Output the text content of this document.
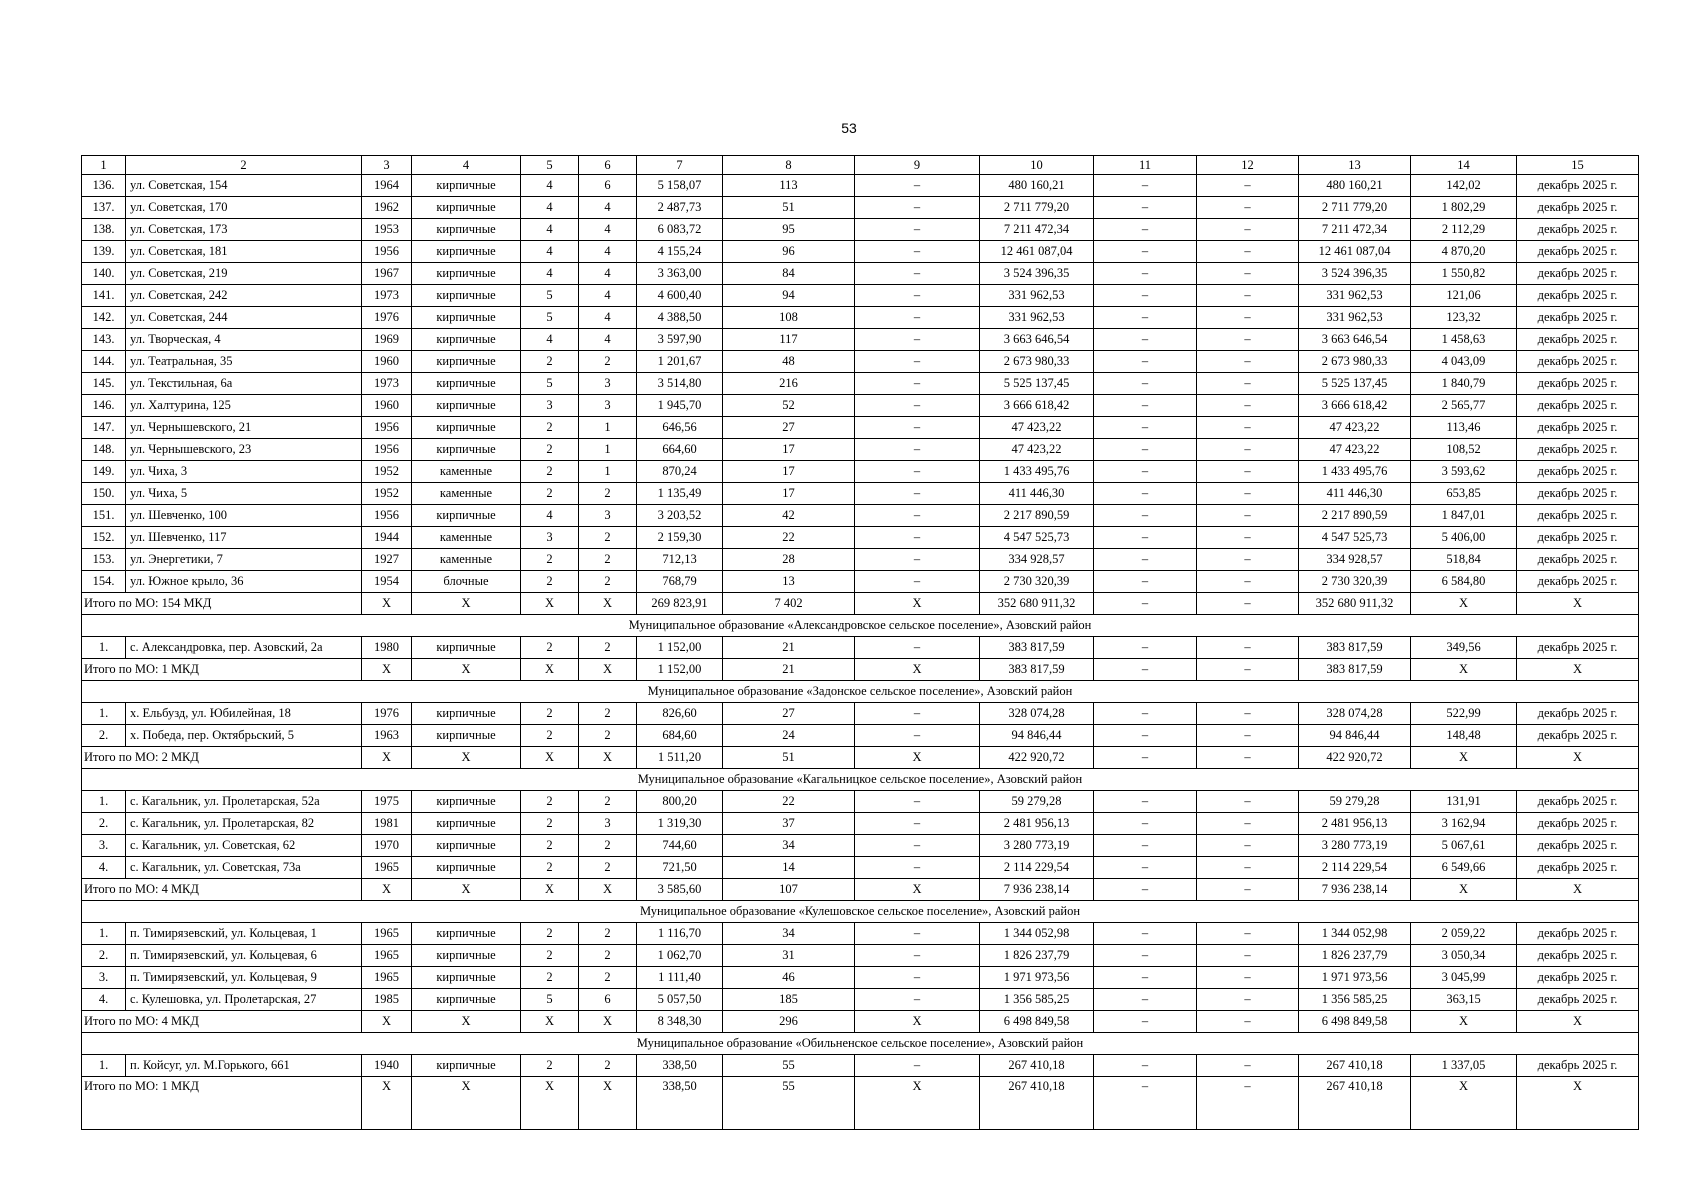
53
1	2	3	4	5	6	7	8	9	10	11	12	13	14	15
136.	ул. Советская, 154	1964	кирпичные	4	6	5 158,07	113	–	480 160,21	–	–	480 160,21	142,02	декабрь 2025 г.
137.	ул. Советская, 170	1962	кирпичные	4	4	2 487,73	51	–	2 711 779,20	–	–	2 711 779,20	1 802,29	декабрь 2025 г.
138.	ул. Советская, 173	1953	кирпичные	4	4	6 083,72	95	–	7 211 472,34	–	–	7 211 472,34	2 112,29	декабрь 2025 г.
139.	ул. Советская, 181	1956	кирпичные	4	4	4 155,24	96	–	12 461 087,04	–	–	12 461 087,04	4 870,20	декабрь 2025 г.
140.	ул. Советская, 219	1967	кирпичные	4	4	3 363,00	84	–	3 524 396,35	–	–	3 524 396,35	1 550,82	декабрь 2025 г.
141.	ул. Советская, 242	1973	кирпичные	5	4	4 600,40	94	–	331 962,53	–	–	331 962,53	121,06	декабрь 2025 г.
142.	ул. Советская, 244	1976	кирпичные	5	4	4 388,50	108	–	331 962,53	–	–	331 962,53	123,32	декабрь 2025 г.
143.	ул. Творческая, 4	1969	кирпичные	4	4	3 597,90	117	–	3 663 646,54	–	–	3 663 646,54	1 458,63	декабрь 2025 г.
144.	ул. Театральная, 35	1960	кирпичные	2	2	1 201,67	48	–	2 673 980,33	–	–	2 673 980,33	4 043,09	декабрь 2025 г.
145.	ул. Текстильная, 6а	1973	кирпичные	5	3	3 514,80	216	–	5 525 137,45	–	–	5 525 137,45	1 840,79	декабрь 2025 г.
146.	ул. Халтурина, 125	1960	кирпичные	3	3	1 945,70	52	–	3 666 618,42	–	–	3 666 618,42	2 565,77	декабрь 2025 г.
147.	ул. Чернышевского, 21	1956	кирпичные	2	1	646,56	27	–	47 423,22	–	–	47 423,22	113,46	декабрь 2025 г.
148.	ул. Чернышевского, 23	1956	кирпичные	2	1	664,60	17	–	47 423,22	–	–	47 423,22	108,52	декабрь 2025 г.
149.	ул. Чиха, 3	1952	каменные	2	1	870,24	17	–	1 433 495,76	–	–	1 433 495,76	3 593,62	декабрь 2025 г.
150.	ул. Чиха, 5	1952	каменные	2	2	1 135,49	17	–	411 446,30	–	–	411 446,30	653,85	декабрь 2025 г.
151.	ул. Шевченко, 100	1956	кирпичные	4	3	3 203,52	42	–	2 217 890,59	–	–	2 217 890,59	1 847,01	декабрь 2025 г.
152.	ул. Шевченко, 117	1944	каменные	3	2	2 159,30	22	–	4 547 525,73	–	–	4 547 525,73	5 406,00	декабрь 2025 г.
153.	ул. Энергетики, 7	1927	каменные	2	2	712,13	28	–	334 928,57	–	–	334 928,57	518,84	декабрь 2025 г.
154.	ул. Южное крыло, 36	1954	блочные	2	2	768,79	13	–	2 730 320,39	–	–	2 730 320,39	6 584,80	декабрь 2025 г.
Итого по МО: 154 МКД		X	X	X	X	269 823,91	7 402	X	352 680 911,32	–	–	352 680 911,32	X	X
Муниципальное образование «Александровское сельское поселение», Азовский район														
1.	с. Александровка, пер. Азовский, 2а	1980	кирпичные	2	2	1 152,00	21	–	383 817,59	–	–	383 817,59	349,56	декабрь 2025 г.
Итого по МО: 1 МКД		X	X	X	X	1 152,00	21	X	383 817,59	–	–	383 817,59	X	X
Муниципальное образование «Задонское сельское поселение», Азовский район														
1.	х. Ельбузд, ул. Юбилейная, 18	1976	кирпичные	2	2	826,60	27	–	328 074,28	–	–	328 074,28	522,99	декабрь 2025 г.
2.	х. Победа, пер. Октябрьский, 5	1963	кирпичные	2	2	684,60	24	–	94 846,44	–	–	94 846,44	148,48	декабрь 2025 г.
Итого по МО: 2 МКД		X	X	X	X	1 511,20	51	X	422 920,72	–	–	422 920,72	X	X
Муниципальное образование «Кагальницкое сельское поселение», Азовский район														
1.	с. Кагальник, ул. Пролетарская, 52а	1975	кирпичные	2	2	800,20	22	–	59 279,28	–	–	59 279,28	131,91	декабрь 2025 г.
2.	с. Кагальник, ул. Пролетарская, 82	1981	кирпичные	2	3	1 319,30	37	–	2 481 956,13	–	–	2 481 956,13	3 162,94	декабрь 2025 г.
3.	с. Кагальник, ул. Советская, 62	1970	кирпичные	2	2	744,60	34	–	3 280 773,19	–	–	3 280 773,19	5 067,61	декабрь 2025 г.
4.	с. Кагальник, ул. Советская, 73а	1965	кирпичные	2	2	721,50	14	–	2 114 229,54	–	–	2 114 229,54	6 549,66	декабрь 2025 г.
Итого по МО: 4 МКД		X	X	X	X	3 585,60	107	X	7 936 238,14	–	–	7 936 238,14	X	X
Муниципальное образование «Кулешовское сельское поселение», Азовский район														
1.	п. Тимирязевский, ул. Кольцевая, 1	1965	кирпичные	2	2	1 116,70	34	–	1 344 052,98	–	–	1 344 052,98	2 059,22	декабрь 2025 г.
2.	п. Тимирязевский, ул. Кольцевая, 6	1965	кирпичные	2	2	1 062,70	31	–	1 826 237,79	–	–	1 826 237,79	3 050,34	декабрь 2025 г.
3.	п. Тимирязевский, ул. Кольцевая, 9	1965	кирпичные	2	2	1 111,40	46	–	1 971 973,56	–	–	1 971 973,56	3 045,99	декабрь 2025 г.
4.	с. Кулешовка, ул. Пролетарская, 27	1985	кирпичные	5	6	5 057,50	185	–	1 356 585,25	–	–	1 356 585,25	363,15	декабрь 2025 г.
Итого по МО: 4 МКД		X	X	X	X	8 348,30	296	X	6 498 849,58	–	–	6 498 849,58	X	X
Муниципальное образование «Обильненское сельское поселение», Азовский район														
1.	п. Койсуг, ул. М.Горького, 661	1940	кирпичные	2	2	338,50	55	–	267 410,18	–	–	267 410,18	1 337,05	декабрь 2025 г.
Итого по МО: 1 МКД		X	X	X	X	338,50	55	X	267 410,18	–	–	267 410,18	X	X
